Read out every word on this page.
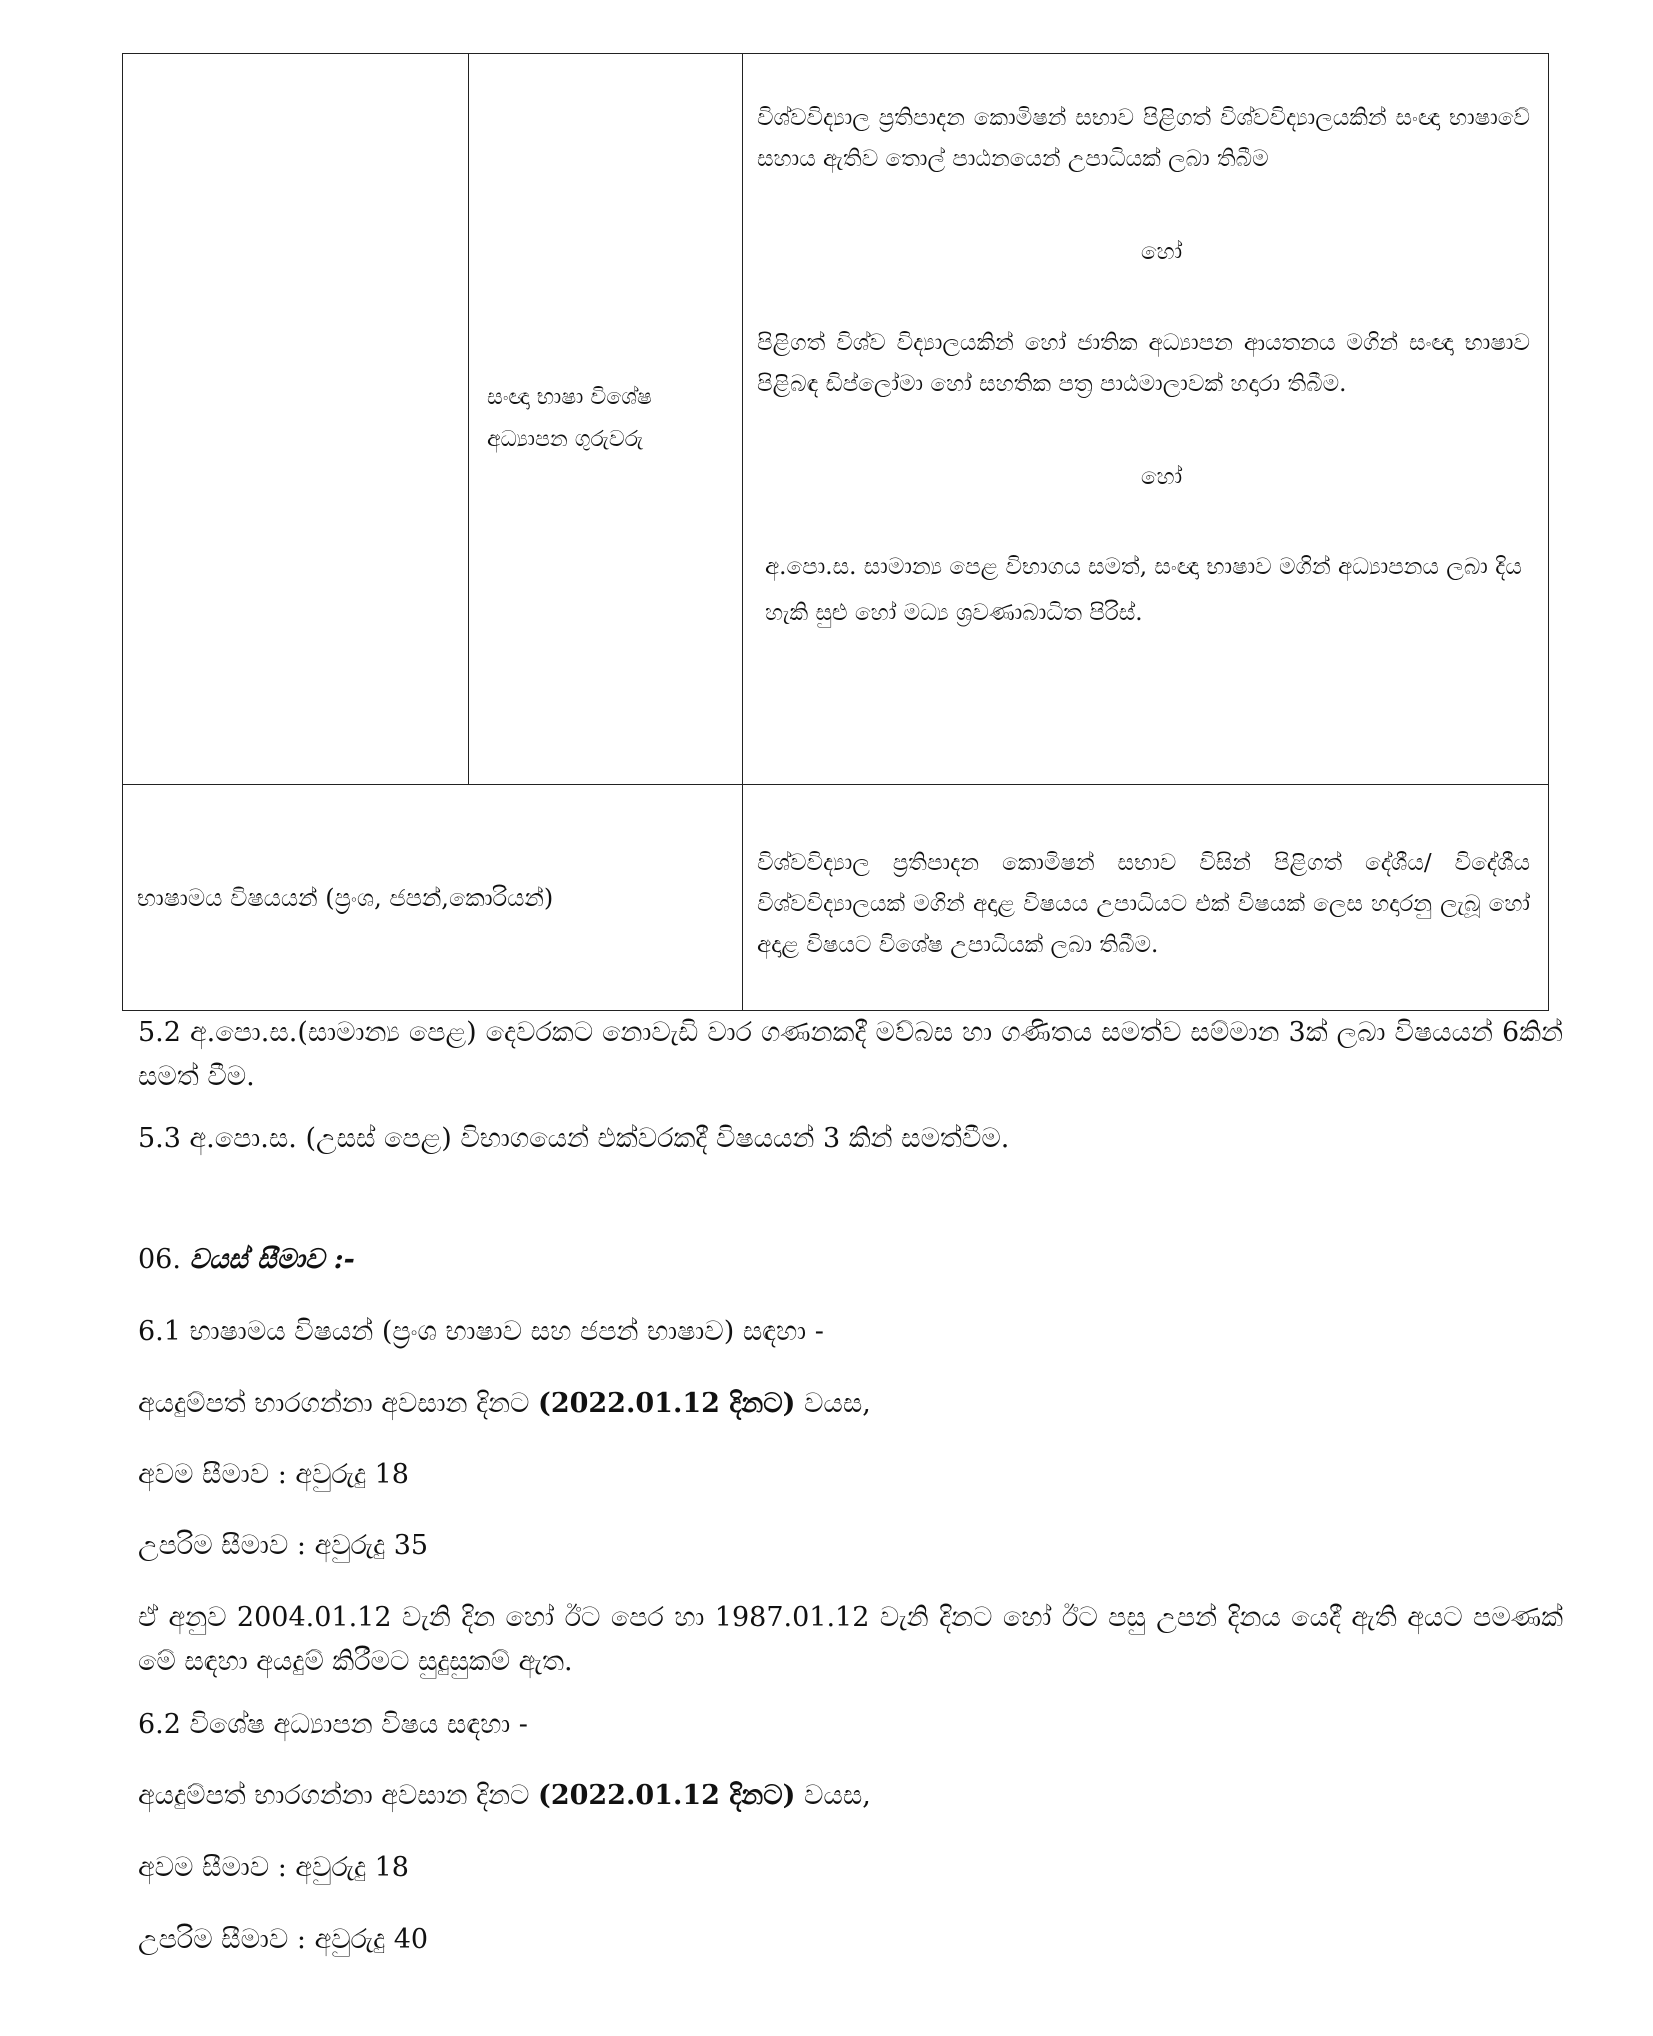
	සංඥා භාෂා විශේෂ අධ්‍යාපන ගුරුවරු	විශ්වවිද්‍යාල ප්‍රතිපාදන කොමිෂන් සභාව පිළිගත් විශ්වවිද්‍යාලයකින් සංඥා භාෂාවේ සහාය ඇතිව තොල් පාඨනයෙන් උපාධියක් ලබා තිබීම

හෝ

පිළිගත් විශ්ව විද්‍යාලයකින් හෝ ජාතික අධ්‍යාපන ආයතනය මගින් සංඥා භාෂාව පිළිබඳ ඩිප්ලෝමා හෝ සහතික පත්‍ර පාඨමාලාවක් හදාරා තිබීම.

හෝ

අ.පො.ස. සාමාන්‍ය පෙළ විභාගය සමත්, සංඥා භාෂාව මගින් අධ්‍යාපනය ලබා දිය හැකි සුළු හෝ මධ්‍ය ශ්‍රවණාබාධිත පිරිස්.

භාෂාමය විෂයයන් (ප්‍රංශ, ජපන්,කොරියන්)		විශ්වවිද්‍යාල ප්‍රතිපාදන කොමිෂන් සභාව විසින් පිළිගත් දේශීය/ විදේශීය විශ්වවිද්‍යාලයක් මගින් අදාළ විෂයය උපාධියට එක් විෂයක් ලෙස හදාරනු ලැබූ හෝ අදාළ විෂයට විශේෂ උපාධියක් ලබා තිබීම.

5.2 අ.පො.ස.(සාමාන්‍ය පෙළ) දෙවරකට නොවැඩි වාර ගණනකදී මව්බස හා ගණිතය සමත්ව සම්මාන 3ක් ලබා විෂයයන් 6කින් සමත් වීම.

5.3 අ.පො.ස. (උසස් පෙළ) විභාගයෙන් එක්වරකදී විෂයයන් 3 කින් සමත්වීම.
06. වයස් සීමාව :-
6.1 භාෂාමය විෂයන් (ප්‍රංශ භාෂාව සහ ජපන් භාෂාව) සඳහා -
අයදුම්පත් භාරගන්නා අවසාන දිනට (2022.01.12 දිනට) වයස,
අවම සීමාව : අවුරුදු 18
උපරිම සීමාව : අවුරුදු 35

ඒ අනුව 2004.01.12 වැනි දින හෝ ඊට පෙර හා 1987.01.12 වැනි දිනට හෝ ඊට පසු උපන් දිනය යෙදී ඇති අයට පමණක් මේ සඳහා අයදුම් කිරීමට සුදුසුකම් ඇත.

6.2 විශේෂ අධ්‍යාපන විෂය සඳහා -
අයදුම්පත් භාරගන්නා අවසාන දිනට (2022.01.12 දිනට) වයස,
අවම සීමාව : අවුරුදු 18
උපරිම සීමාව : අවුරුදු 40
